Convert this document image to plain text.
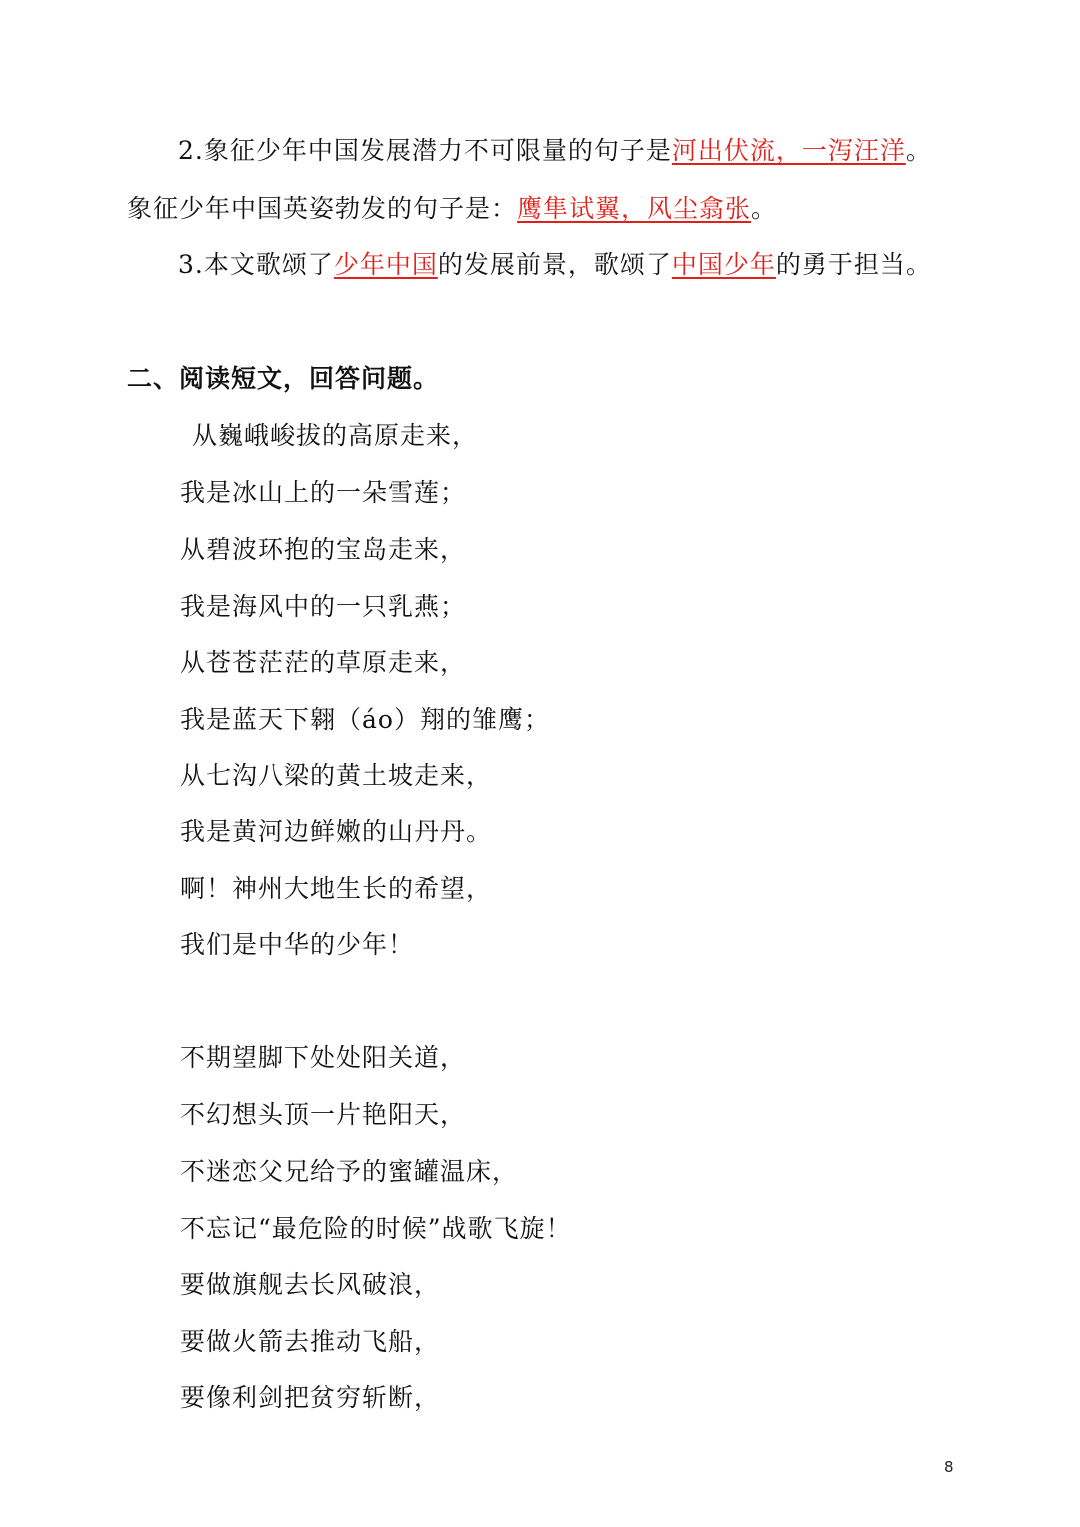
2.象征少年中国发展潜力不可限量的句子是河出伏流，一泻汪洋。
象征少年中国英姿勃发的句子是：鹰隼试翼，风尘翕张。
3.本文歌颂了少年中国的发展前景，歌颂了中国少年的勇于担当。
二、阅读短文，回答问题。
从巍峨峻拔的高原走来，
我是冰山上的一朵雪莲；
从碧波环抱的宝岛走来，
我是海风中的一只乳燕；
从苍苍茫茫的草原走来，
我是蓝天下翱（áo）翔的雏鹰；
从七沟八梁的黄土坡走来，
我是黄河边鲜嫩的山丹丹。
啊！神州大地生长的希望，
我们是中华的少年！
不期望脚下处处阳关道，
不幻想头顶一片艳阳天，
不迷恋父兄给予的蜜罐温床，
不忘记“最危险的时候”战歌飞旋！
要做旗舰去长风破浪，
要做火箭去推动飞船，
要像利剑把贫穷斩断，
8
